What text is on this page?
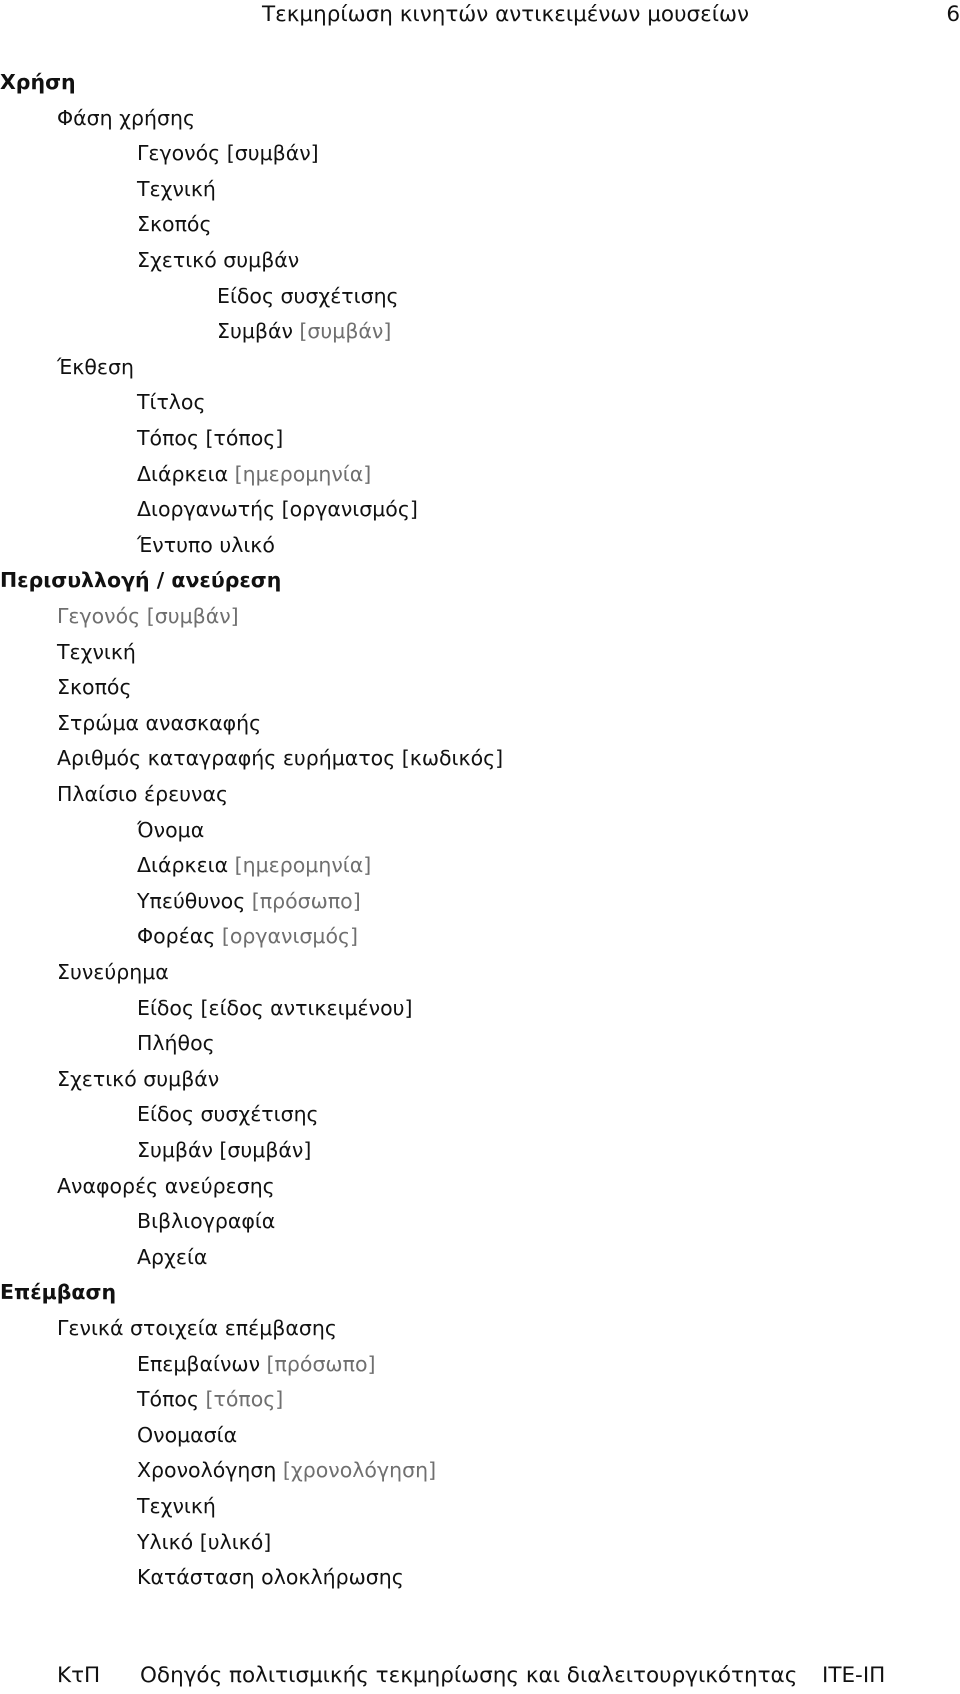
Τεκμηρίωση κινητών αντικειμένων μουσείων	6
Χρήση
Φάση χρήσης
Γεγονός [συμβάν]
Τεχνική
Σκοπός
Σχετικό συμβάν
Είδος συσχέτισης
Συμβάν [συμβάν]
Έκθεση
Τίτλος
Τόπος [τόπος]
Διάρκεια [ημερομηνία]
Διοργανωτής [οργανισμός]
Έντυπο υλικό
Περισυλλογή / ανεύρεση
Γεγονός [συμβάν]
Τεχνική
Σκοπός
Στρώμα ανασκαφής
Αριθμός καταγραφής ευρήματος [κωδικός]
Πλαίσιο έρευνας
Όνομα
Διάρκεια [ημερομηνία]
Υπεύθυνος [πρόσωπο]
Φορέας [οργανισμός]
Συνεύρημα
Είδος [είδος αντικειμένου]
Πλήθος
Σχετικό συμβάν
Είδος συσχέτισης
Συμβάν [συμβάν]
Αναφορές ανεύρεσης
Βιβλιογραφία
Αρχεία
Επέμβαση
Γενικά στοιχεία επέμβασης
Επεμβαίνων [πρόσωπο]
Τόπος [τόπος]
Ονομασία
Χρονολόγηση [χρονολόγηση]
Τεχνική
Υλικό [υλικό]
Κατάσταση ολοκλήρωσης
ΚτΠ Οδηγός πολιτισμικής τεκμηρίωσης και διαλειτουργικότητας ΙΤΕ-ΙΠ
